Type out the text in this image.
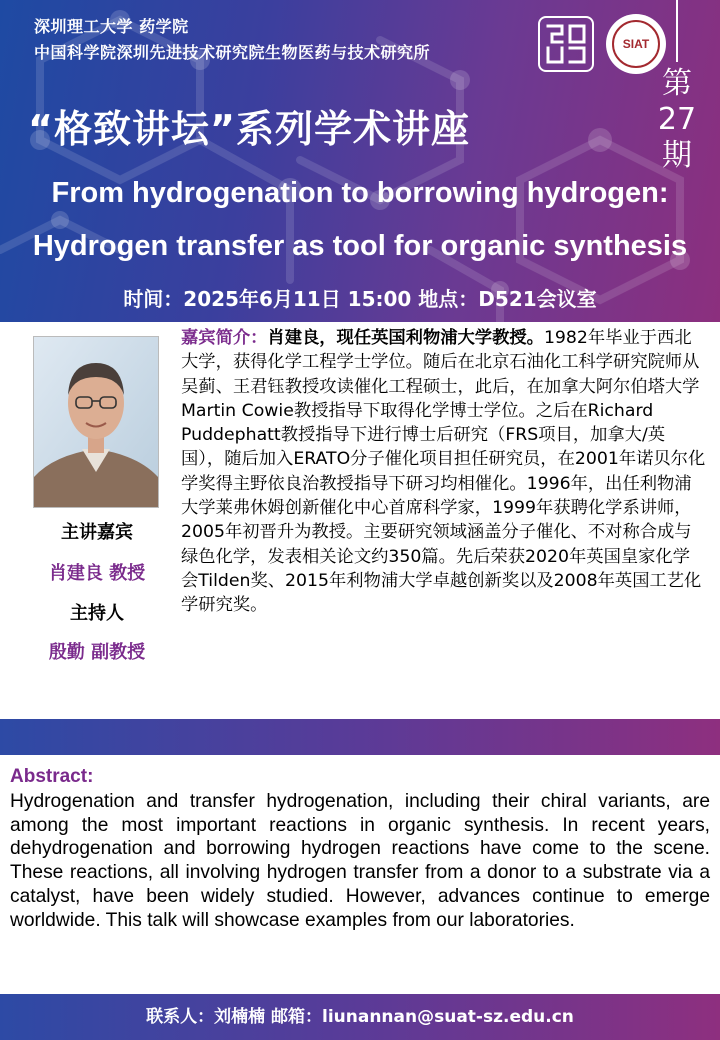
深圳理工大学 药学院
中国科学院深圳先进技术研究院生物医药与技术研究所	SIAT
第
27
期
“格致讲坛”系列学术讲座
From hydrogenation to borrowing hydrogen:
Hydrogen transfer as tool for organic synthesis
时间：2025年6月11日 15:00 地点：D521会议室
主讲嘉宾
肖建良 教授
主持人
殷勤 副教授
嘉宾简介：肖建良，现任英国利物浦大学教授。1982年毕业于西北大学，获得化学工程学士学位。随后在北京石油化工科学研究院师从吴蓟、王君钰教授攻读催化工程硕士，此后，在加拿大阿尔伯塔大学Martin Cowie教授指导下取得化学博士学位。之后在Richard Puddephatt教授指导下进行博士后研究（FRS项目，加拿大/英国），随后加入ERATO分子催化项目担任研究员，在2001年诺贝尔化学奖得主野依良治教授指导下研习均相催化。1996年，出任利物浦大学莱弗休姆创新催化中心首席科学家，1999年获聘化学系讲师，2005年初晋升为教授。主要研究领域涵盖分子催化、不对称合成与绿色化学，发表相关论文约350篇。先后荣获2020年英国皇家化学会Tilden奖、2015年利物浦大学卓越创新奖以及2008年英国工艺化学研究奖。
Abstract:
Hydrogenation and transfer hydrogenation, including their chiral variants, are among the most important reactions in organic synthesis. In recent years, dehydrogenation and borrowing hydrogen reactions have come to the scene. These reactions, all involving hydrogen transfer from a donor to a substrate via a catalyst, have been widely studied. However, advances continue to emerge worldwide. This talk will showcase examples from our laboratories.
联系人：刘楠楠 邮箱：liunannan@suat-sz.edu.cn
